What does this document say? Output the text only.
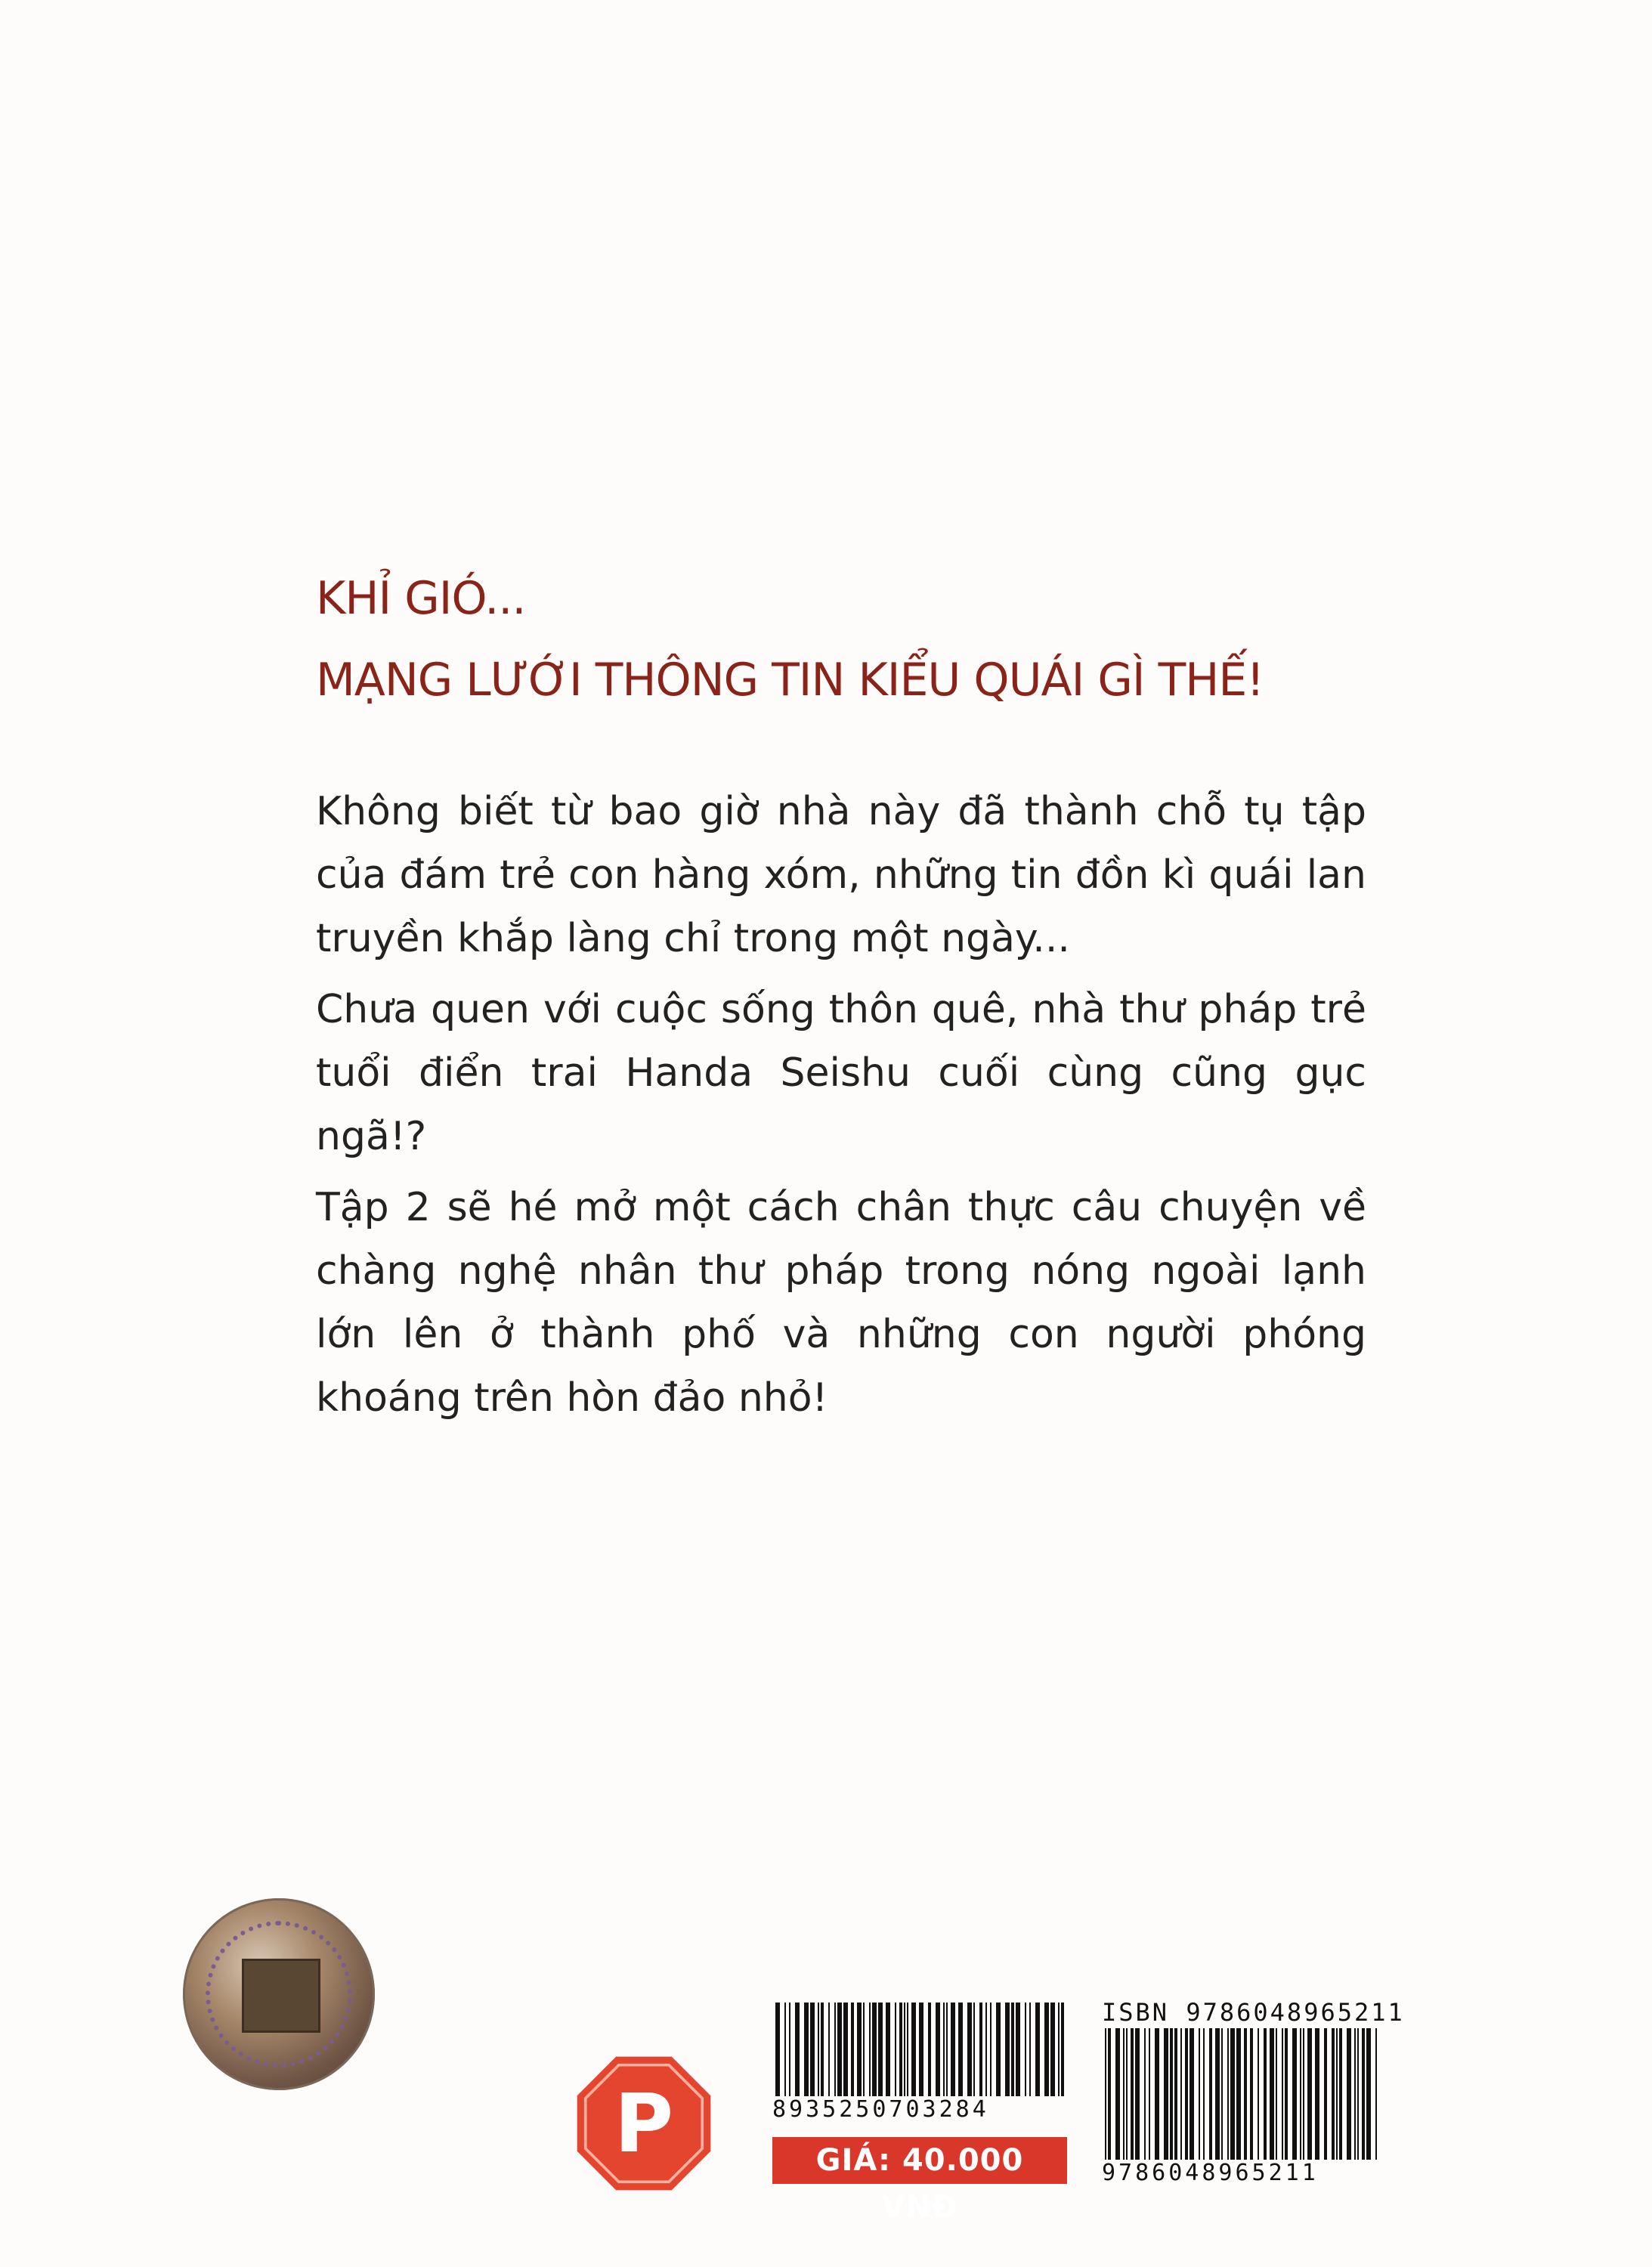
KHỈ GIÓ...
MẠNG LƯỚI THÔNG TIN KIỂU QUÁI GÌ THẾ!

Không biết từ bao giờ nhà này đã thành chỗ tụ tập của đám trẻ con hàng xóm, những tin đồn kì quái lan truyền khắp làng chỉ trong một ngày...

Chưa quen với cuộc sống thôn quê, nhà thư pháp trẻ tuổi điển trai Handa Seishu cuối cùng cũng gục ngã!?

Tập 2 sẽ hé mở một cách chân thực câu chuyện về chàng nghệ nhân thư pháp trong nóng ngoài lạnh lớn lên ở thành phố và những con người phóng khoáng trên hòn đảo nhỏ!

P	8935250703284
GIÁ: 40.000 VNĐ
ISBN 9786048965211
9786048965211
